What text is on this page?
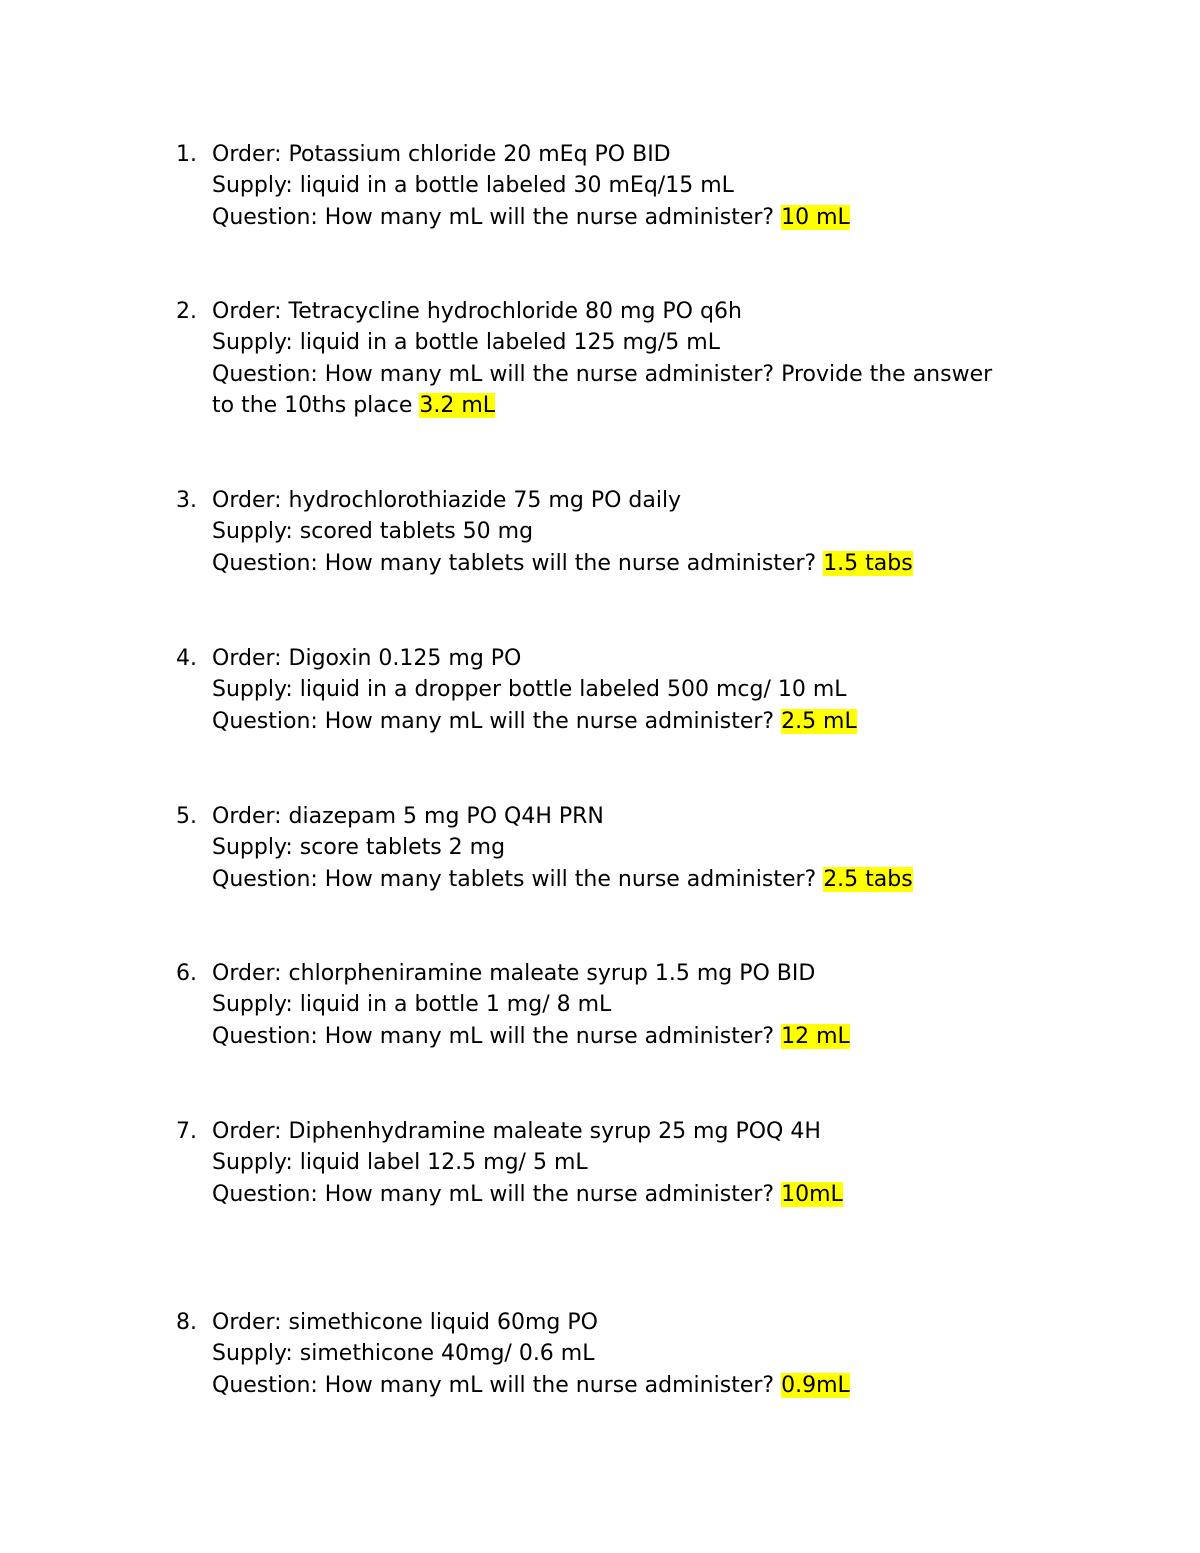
1. Order: Potassium chloride 20 mEq PO BID
Supply: liquid in a bottle labeled 30 mEq/15 mL
Question: How many mL will the nurse administer? 10 mL
2. Order: Tetracycline hydrochloride 80 mg PO q6h
Supply: liquid in a bottle labeled 125 mg/5 mL
Question: How many mL will the nurse administer? Provide the answer
to the 10ths place 3.2 mL
3. Order: hydrochlorothiazide 75 mg PO daily
Supply: scored tablets 50 mg
Question: How many tablets will the nurse administer? 1.5 tabs
4. Order: Digoxin 0.125 mg PO
Supply: liquid in a dropper bottle labeled 500 mcg/ 10 mL
Question: How many mL will the nurse administer? 2.5 mL
5. Order: diazepam 5 mg PO Q4H PRN
Supply: score tablets 2 mg
Question: How many tablets will the nurse administer? 2.5 tabs
6. Order: chlorpheniramine maleate syrup 1.5 mg PO BID
Supply: liquid in a bottle 1 mg/ 8 mL
Question: How many mL will the nurse administer? 12 mL
7. Order: Diphenhydramine maleate syrup 25 mg POQ 4H
Supply: liquid label 12.5 mg/ 5 mL
Question: How many mL will the nurse administer? 10mL
8. Order: simethicone liquid 60mg PO
Supply: simethicone 40mg/ 0.6 mL
Question: How many mL will the nurse administer? 0.9mL
